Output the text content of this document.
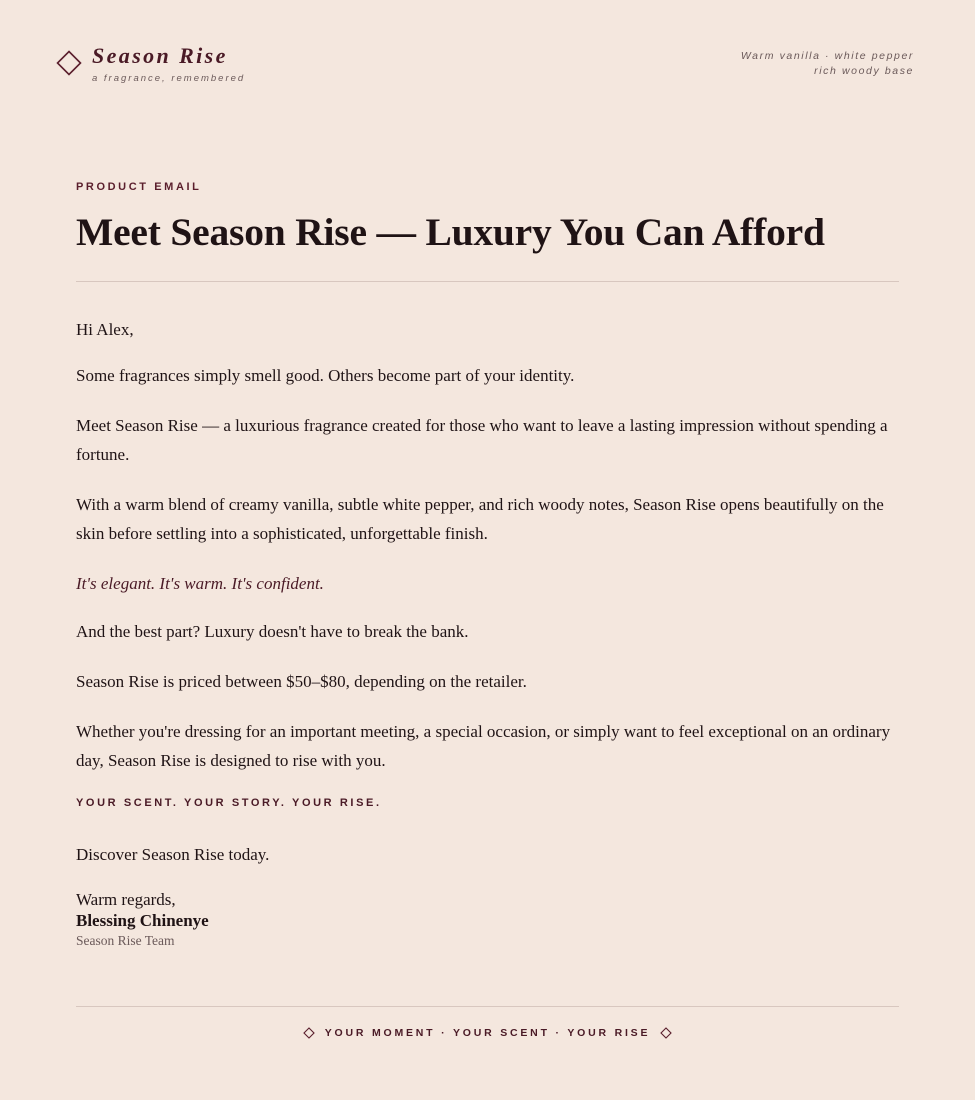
Season Rise
a fragrance, remembered
Warm vanilla · white pepper
rich woody base
PRODUCT EMAIL
Meet Season Rise — Luxury You Can Afford

Hi Alex,

Some fragrances simply smell good. Others become part of your identity.

Meet Season Rise — a luxurious fragrance created for those who want to leave a lasting impression without spending a fortune.

With a warm blend of creamy vanilla, subtle white pepper, and rich woody notes, Season Rise opens beautifully on the skin before settling into a sophisticated, unforgettable finish.

It's elegant. It's warm. It's confident.

And the best part? Luxury doesn't have to break the bank.

Season Rise is priced between $50–$80, depending on the retailer.

Whether you're dressing for an important meeting, a special occasion, or simply want to feel exceptional on an ordinary day, Season Rise is designed to rise with you.

YOUR SCENT. YOUR STORY. YOUR RISE.

Discover Season Rise today.

Warm regards,
Blessing Chinenye
Season Rise Team
YOUR MOMENT · YOUR SCENT · YOUR RISE
